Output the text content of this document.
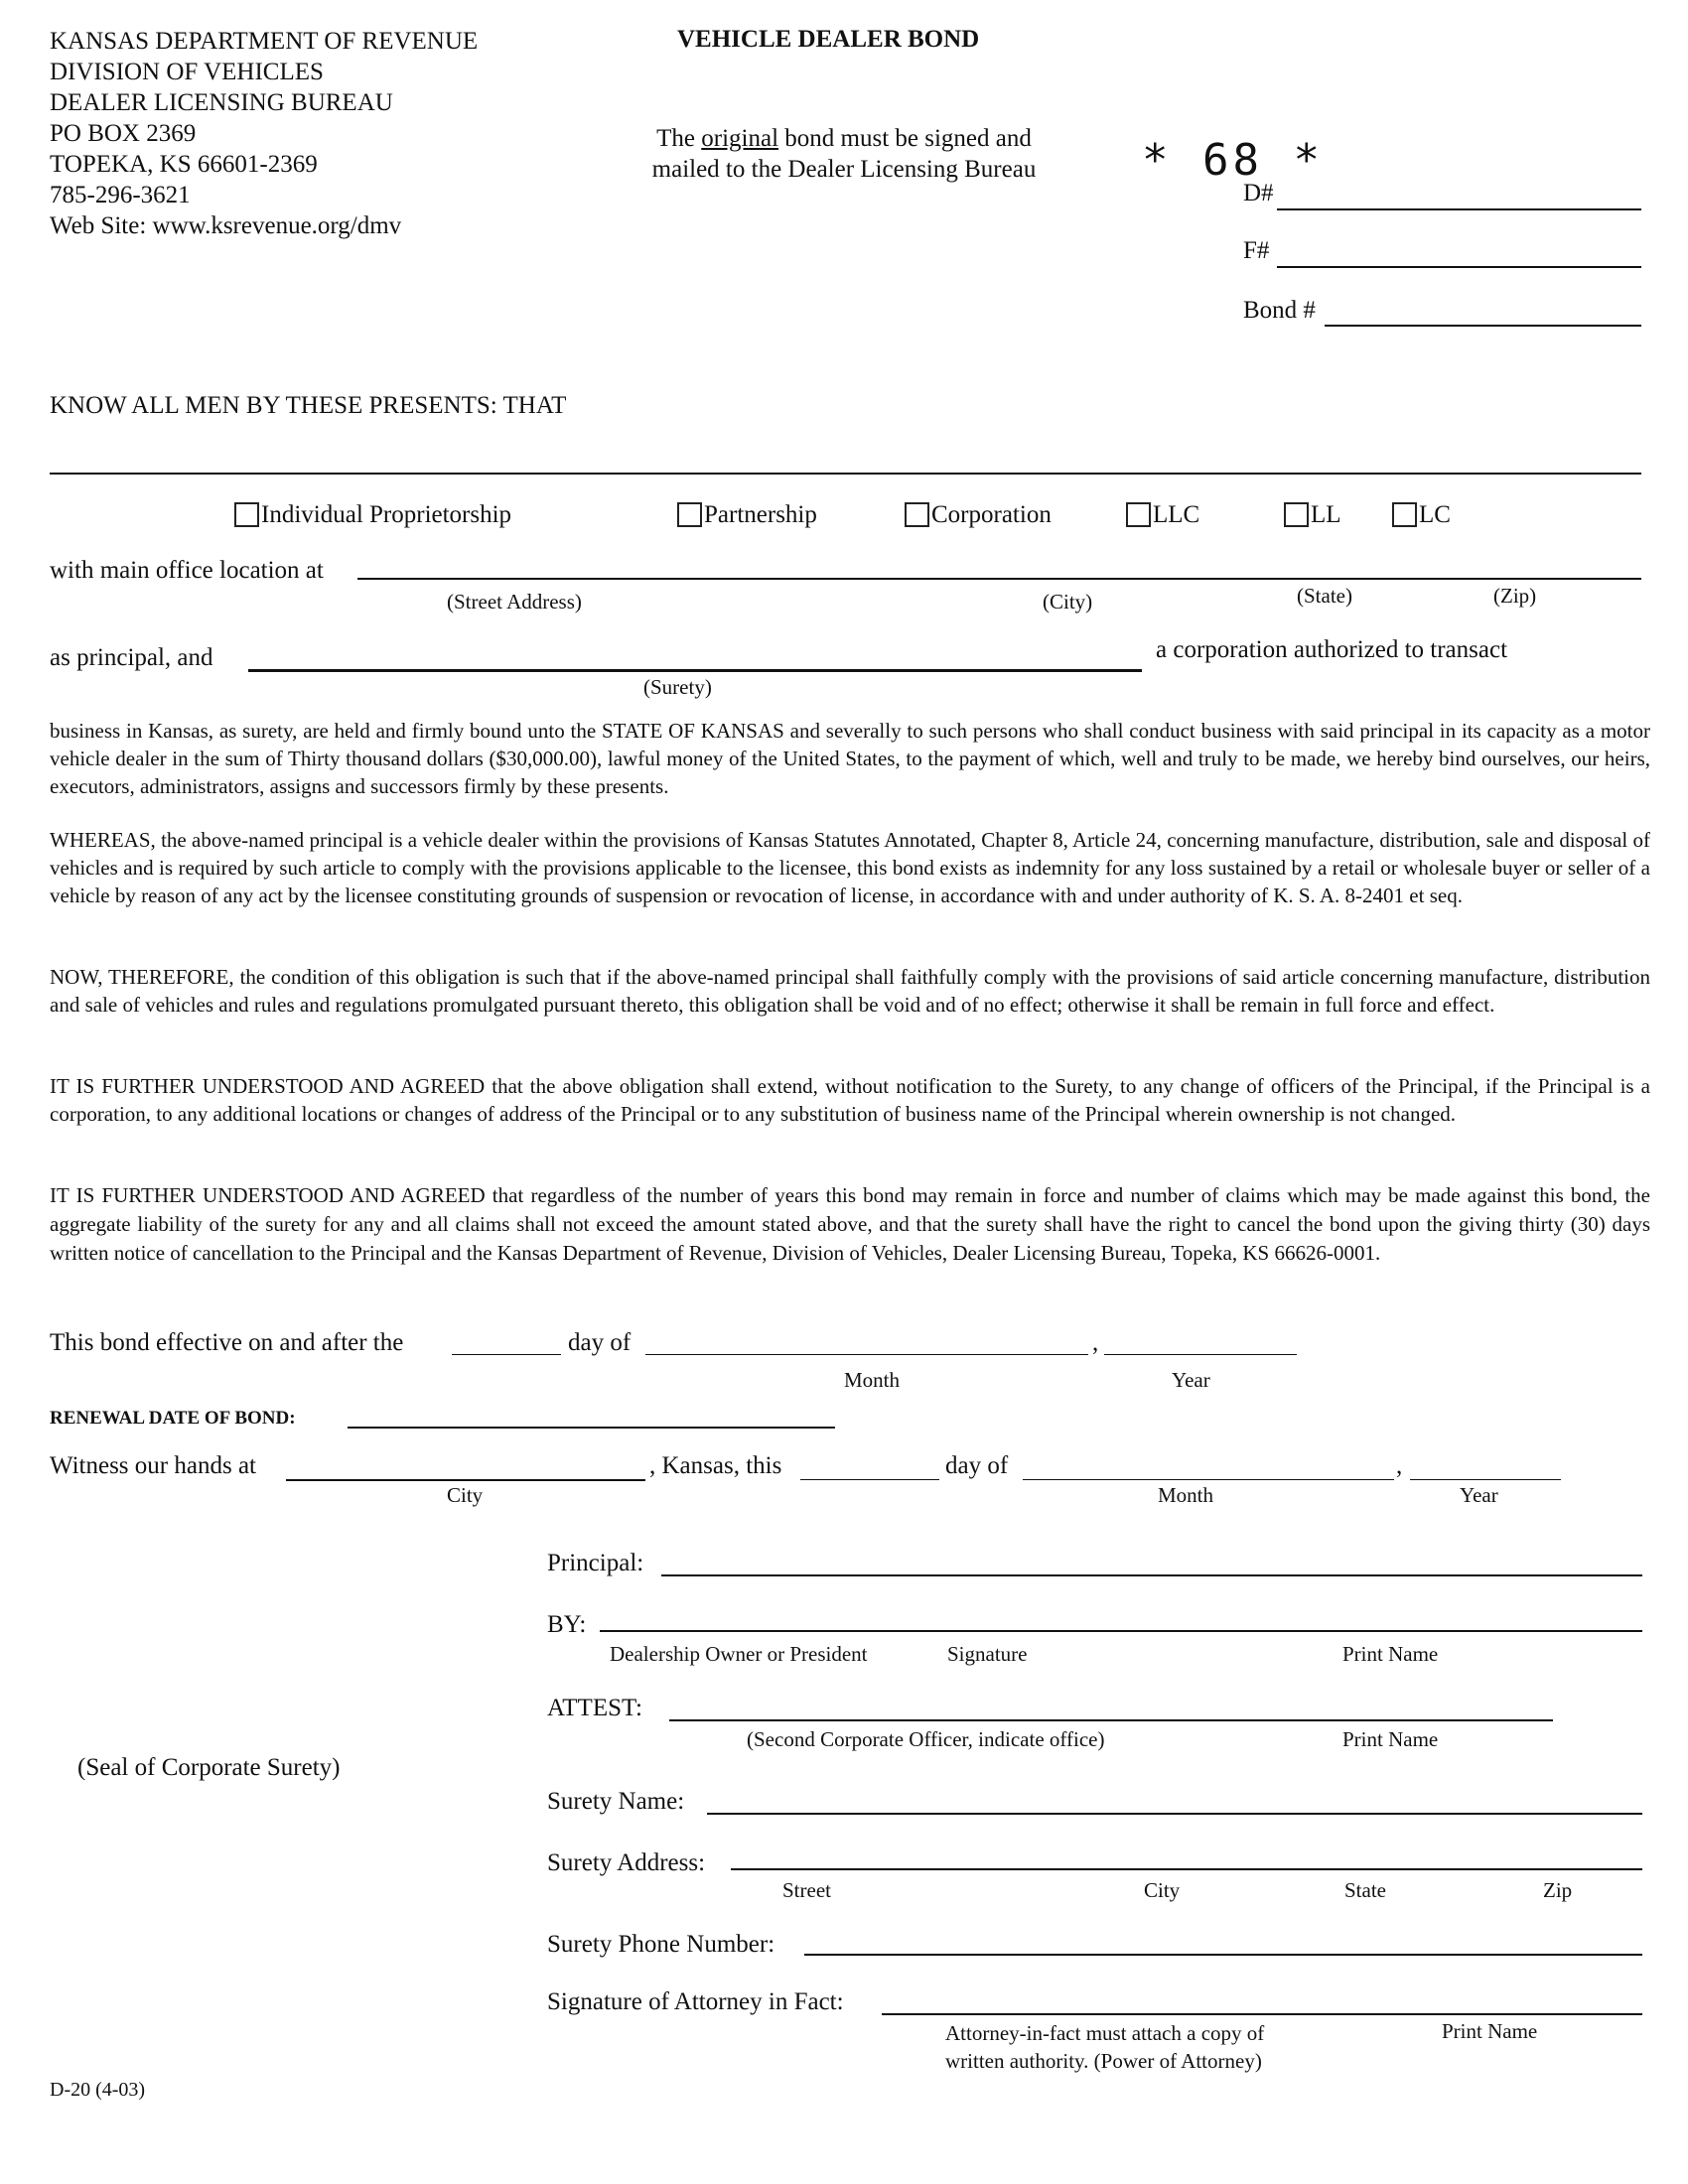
KANSAS DEPARTMENT OF REVENUE
DIVISION OF VEHICLES
DEALER LICENSING BUREAU
PO BOX 2369
TOPEKA, KS 66601-2369
785-296-3621
Web Site: www.ksrevenue.org/dmv
VEHICLE DEALER BOND
The original bond must be signed and
mailed to the Dealer Licensing Bureau	* 68 *
D#
F#
Bond #
KNOW ALL MEN BY THESE PRESENTS: THAT
Individual Proprietorship	Partnership	Corporation	LLC	LL	LC
with main office location at
(Street Address)	(City)	(State)	(Zip)
as principal, and	a corporation authorized to transact
(Surety)
business in Kansas, as surety, are held and firmly bound unto the STATE OF KANSAS and severally to such persons who shall conduct business with said principal in its capacity as a motor vehicle dealer in the sum of Thirty thousand dollars ($30,000.00), lawful money of the United States, to the payment of which, well and truly to be made, we hereby bind ourselves, our heirs, executors, administrators, assigns and successors firmly by these presents.
WHEREAS, the above-named principal is a vehicle dealer within the provisions of Kansas Statutes Annotated, Chapter 8, Article 24, concerning manufacture, distribution, sale and disposal of vehicles and is required by such article to comply with the provisions applicable to the licensee, this bond exists as indemnity for any loss sustained by a retail or wholesale buyer or seller of a vehicle by reason of any act by the licensee constituting grounds of suspension or revocation of license, in accordance with and under authority of K. S. A. 8-2401 et seq.
NOW, THEREFORE, the condition of this obligation is such that if the above-named principal shall faithfully comply with the provisions of said article concerning manufacture, distribution and sale of vehicles and rules and regulations promulgated pursuant thereto, this obligation shall be void and of no effect; otherwise it shall be remain in full force and effect.
IT IS FURTHER UNDERSTOOD AND AGREED that the above obligation shall extend, without notification to the Surety, to any change of officers of the Principal, if the Principal is a corporation, to any additional locations or changes of address of the Principal or to any substitution of business name of the Principal wherein ownership is not changed.
IT IS FURTHER UNDERSTOOD AND AGREED that regardless of the number of years this bond may remain in force and number of claims which may be made against this bond, the aggregate liability of the surety for any and all claims shall not exceed the amount stated above, and that the surety shall have the right to cancel the bond upon the giving thirty (30) days written notice of cancellation to the Principal and the Kansas Department of Revenue, Division of Vehicles, Dealer Licensing Bureau, Topeka, KS 66626-0001.
This bond effective on and after the	day of	,
Month	Year
RENEWAL DATE OF BOND:
Witness our hands at	, Kansas, this	day of	,
City	Month	Year
Principal:
BY:
Dealership Owner or President	Signature	Print Name
ATTEST:
(Second Corporate Officer, indicate office)	Print Name
(Seal of Corporate Surety)
Surety Name:
Surety Address:
Street	City	State	Zip
Surety Phone Number:
Signature of Attorney in Fact:
Attorney-in-fact must attach a copy of
written authority. (Power of Attorney)
Print Name
D-20 (4-03)
